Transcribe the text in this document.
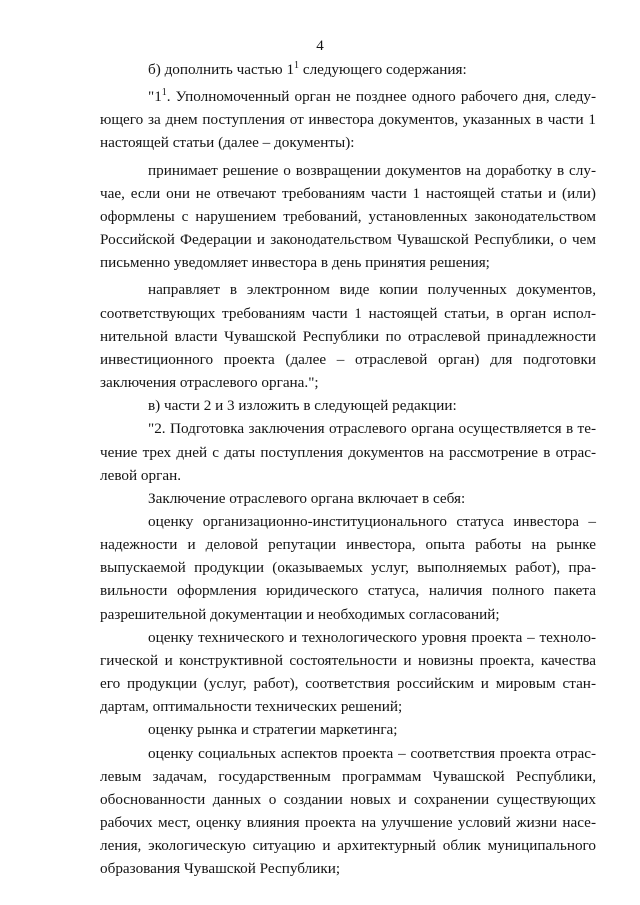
4

б) дополнить частью $1^1$ следующего содержания:

"$1^1$. Уполномоченный орган не позднее одного рабочего дня, следующего за днем поступления от инвестора документов, указанных в части 1 настоящей статьи (далее – документы):

принимает решение о возвращении документов на доработку в случае, если они не отвечают требованиям части 1 настоящей статьи и (или) оформлены с нарушением требований, установленных законодательством Российской Федерации и законодательством Чувашской Республики, о чем письменно уведомляет инвестора в день принятия решения;

направляет в электронном виде копии полученных документов, соответствующих требованиям части 1 настоящей статьи, в орган исполнительной власти Чувашской Республики по отраслевой принадлежности инвестиционного проекта (далее – отраслевой орган) для подготовки заключения отраслевого органа.";

в) части 2 и 3 изложить в следующей редакции:

"2. Подготовка заключения отраслевого органа осуществляется в течение трех дней с даты поступления документов на рассмотрение в отраслевой орган.

Заключение отраслевого органа включает в себя:

оценку организационно-институционального статуса инвестора – надежности и деловой репутации инвестора, опыта работы на рынке выпускаемой продукции (оказываемых услуг, выполняемых работ), правильности оформления юридического статуса, наличия полного пакета разрешительной документации и необходимых согласований;

оценку технического и технологического уровня проекта – технологической и конструктивной состоятельности и новизны проекта, качества его продукции (услуг, работ), соответствия российским и мировым стандартам, оптимальности технических решений;

оценку рынка и стратегии маркетинга;

оценку социальных аспектов проекта – соответствия проекта отраслевым задачам, государственным программам Чувашской Республики, обоснованности данных о создании новых и сохранении существующих рабочих мест, оценку влияния проекта на улучшение условий жизни населения, экологическую ситуацию и архитектурный облик муниципального образования Чувашской Республики;
